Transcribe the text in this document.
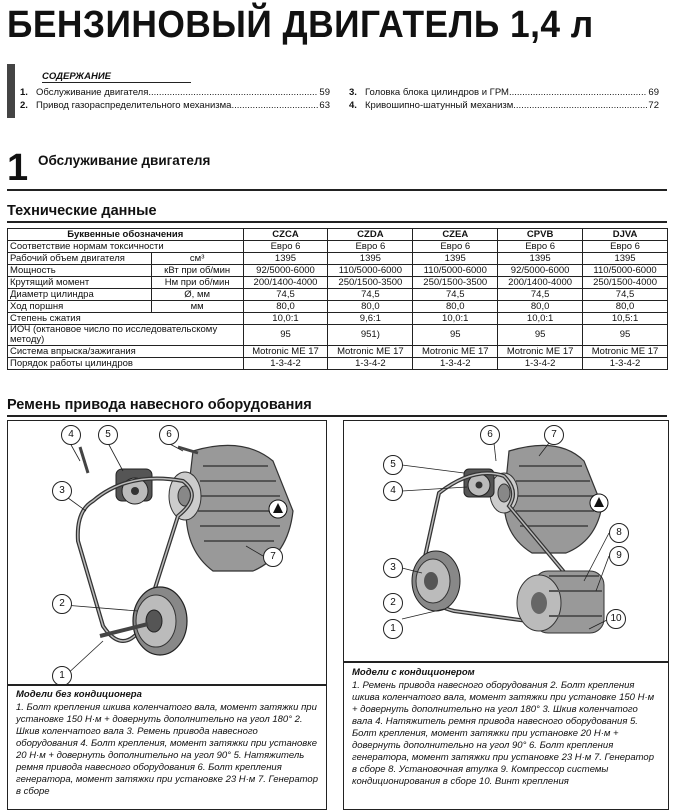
БЕНЗИНОВЫЙ ДВИГАТЕЛЬ 1,4 л
СОДЕРЖАНИЕ
1. Обслуживание двигателя .....	59
2. Привод газораспределительного механизма .....	63
3. Головка блока цилиндров и ГРМ .....	69
4. Кривошипно-шатунный механизм .....	72
1 Обслуживание двигателя
Технические данные
Буквенные обозначения		CZCA	CZDA	CZEA	CPVB	DJVA
Соответствие нормам токсичности		Евро 6	Евро 6	Евро 6	Евро 6	Евро 6
Рабочий объем двигателя	см³	1395	1395	1395	1395	1395
Мощность	кВт при об/мин	92/5000-6000	110/5000-6000	110/5000-6000	92/5000-6000	110/5000-6000
Крутящий момент	Нм при об/мин	200/1400-4000	250/1500-3500	250/1500-3500	200/1400-4000	250/1500-4000
Диаметр цилиндра	Ø, мм	74,5	74,5	74,5	74,5	74,5
Ход поршня	мм	80,0	80,0	80,0	80,0	80,0
Степень сжатия		10,0:1	9,6:1	10,0:1	10,0:1	10,5:1
ИОЧ (октановое число по исследовательскому методу)		95	951)	95	95	95
Система впрыска/зажигания		Motronic ME 17	Motronic ME 17	Motronic ME 17	Motronic ME 17	Motronic ME 17
Порядок работы цилиндров		1-3-4-2	1-3-4-2	1-3-4-2	1-3-4-2	1-3-4-2
Ремень привода навесного оборудования
4	5	6
3
7
2
1
Модели без кондиционера
1. Болт крепления шкива коленчатого вала, момент затяжки при установке 150 Н·м + довернуть дополнительно на угол 180° 2. Шкив коленчатого вала 3. Ремень привода навесного оборудования 4. Болт крепления, момент затяжки при установке 20 Н·м + довернуть дополнительно на угол 90° 5. Натяжитель ремня привода навесного оборудования 6. Болт крепления генератора, момент затяжки при установке 23 Н·м 7. Генератор в сборе
6	7
5
4
8
9
3
10
2
1
Модели с кондиционером
1. Ремень привода навесного оборудования 2. Болт крепления шкива коленчатого вала, момент затяжки при установке 150 Н·м + довернуть дополнительно на угол 180° 3. Шкив коленчатого вала 4. Натяжитель ремня привода навесного оборудования 5. Болт крепления, момент затяжки при установке 20 Н·м + довернуть дополнительно на угол 90° 6. Болт крепления генератора, момент затяжки при установке 23 Н·м 7. Генератор в сборе 8. Установочная втулка 9. Компрессор системы кондиционирования в сборе 10. Винт крепления
